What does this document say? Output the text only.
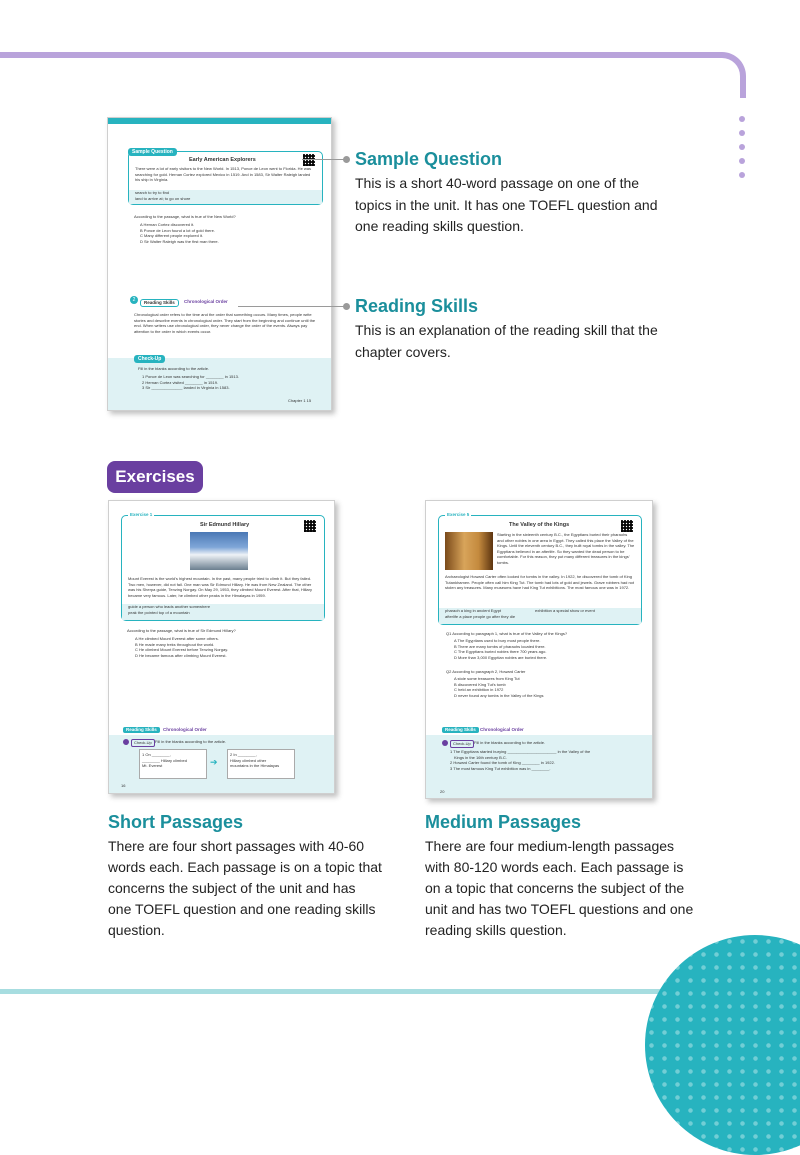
Sample Question
Early American Explorers
There were a lot of early visitors to the New World. In 1513, Ponce de Leon went to Florida. He was searching for gold. Hernan Cortez explored Mexico in 1519. And in 1583, Sir Walter Raleigh landed his ship in Virginia.
search to try to find
land to arrive at; to go on shore
According to the passage, what is true of the New World?
A Hernan Cortez discovered it.
B Ponce de Leon found a lot of gold there.
C Many different people explored it.
D Sir Walter Raleigh was the first man there.
2	Reading Skills	Chronological Order
Chronological order refers to the time and the order that something occurs. Many times, people write stories and describe events in chronological order. They start from the beginning and continue until the end. When writers use chronological order, they never change the order of the events. Always pay attention to the order in which events occur.
Check-Up
Fill in the blanks according to the article.
1 Ponce de Leon was searching for ________ in 1513.
2 Hernan Cortez visited ________ in 1519.
3 Sir ______________ landed in Virginia in 1583.
Chapter 1 15
Sample Question
This is a short 40-word passage on one of the
topics in the unit. It has one TOEFL question and
one reading skills question.
Reading Skills
This is an explanation of the reading skill that the
chapter covers.
Exercises
Exercise 1
Sir Edmund Hillary
Mount Everest is the world's highest mountain. In the past, many people tried to climb it. But they failed. Two men, however, did not fail. One man was Sir Edmund Hillary. He was from New Zealand. The other was his Sherpa guide, Tenzing Norgay. On May 29, 1953, they climbed Mount Everest. After that, Hillary became very famous. Later, he climbed other peaks in the Himalayas in 1959.
guide a person who leads another somewhere
peak the pointed top of a mountain
According to the passage, what is true of Sir Edmund Hillary?
A He climbed Mount Everest after some others.
B He made many treks throughout the world.
C He climbed Mount Everest before Tenzing Norgay.
D He became famous after climbing Mount Everest.
Reading Skills	Chronological Order
Check-Up Fill in the blanks according to the article.
1 On ________,
________ Hillary climbed
Mt. Everest	➔
2 In ________,
Hillary climbed other
mountains in the Himalayas
16
Exercise 5
The Valley of the Kings
Starting in the sixteenth century B.C., the Egyptians buried their pharaohs and other nobles in one area in Egypt. They called this place the Valley of the Kings. Until the eleventh century B.C., they built royal tombs in the valley. The Egyptians believed in an afterlife. So they wanted the dead person to be comfortable. For this reason, they put many different treasures in the kings' tombs.
Archaeologist Howard Carter often looked for tombs in the valley. In 1922, he discovered the tomb of King Tutankhamen. People often call him King Tut. The tomb had lots of gold and jewels. Grave robbers had not stolen any treasures. Many museums have had King Tut exhibitions. The most famous one was in 1972.
pharaoh a king in ancient Egypt
afterlife a place people go after they die
exhibition a special show or event
Q1 According to paragraph 1, what is true of the Valley of the Kings?
A The Egyptians used to bury most people there.
B There are many tombs of pharaohs located there.
C The Egyptians buried nobles there 700 years ago.
D More than 3,000 Egyptian nobles are buried there.
Q2 According to paragraph 2, Howard Carter
A stole some treasures from King Tut
B discovered King Tut's tomb
C held an exhibition in 1972
D never found any tombs in the Valley of the Kings
Reading Skills Chronological Order
Check-Up Fill in the blanks according to the article.
1 The Egyptians started burying ______________________ in the Valley of the
Kings in the 16th century B.C.
2 Howard Carter found the tomb of King ________ in 1922.
3 The most famous King Tut exhibition was in ________.
20
Short Passages
There are four short passages with 40-60
words each. Each passage is on a topic that
concerns the subject of the unit and has
one TOEFL question and one reading skills
question.
Medium Passages
There are four medium-length passages
with 80-120 words each. Each passage is
on a topic that concerns the subject of the
unit and has two TOEFL questions and one
reading skills question.
